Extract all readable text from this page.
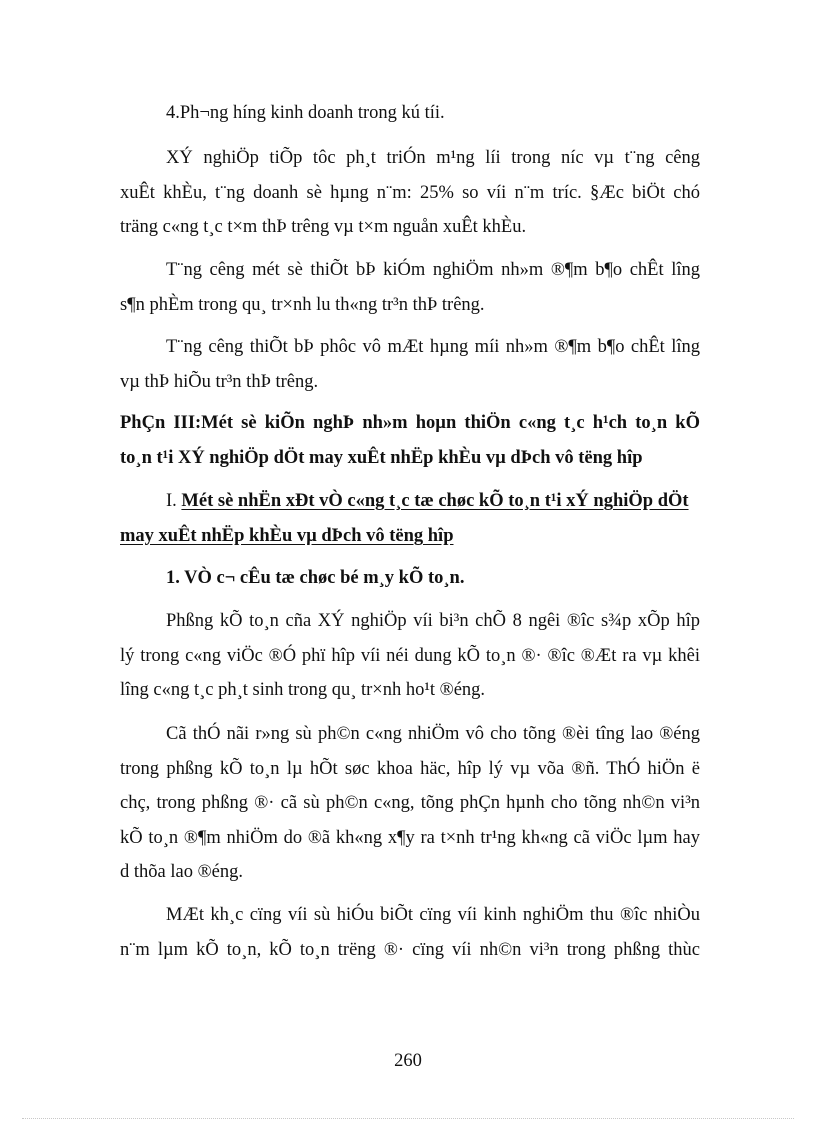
4.Ph¬ng híng kinh doanh trong kú tíi.
XÝ nghiÖp tiÕp tôc ph¸t triÓn m¹ng líi trong níc vµ t¨ng cêng
xuÊt khÈu, t¨ng doanh sè hµng n¨m: 25% so víi n¨m tríc. §Æc biÖt chó
träng c«ng t¸c t×m thÞ trêng vµ t×m nguån xuÊt khÈu.
T¨ng cêng mét sè thiÕt bÞ kiÓm nghiÖm nh»m ®¶m b¶o chÊt lîng
s¶n phÈm trong qu¸ tr×nh lu th«ng tr³n thÞ trêng.
T¨ng cêng thiÕt bÞ phôc vô mÆt hµng míi nh»m ®¶m b¶o chÊt lîng
vµ thÞ hiÕu tr³n thÞ trêng.
PhÇn III:Mét sè kiÕn nghÞ nh»m hoµn thiÖn c«ng t¸c h¹ch to¸n kÕ
to¸n t¹i XÝ nghiÖp dÖt may xuÊt nhËp khÈu vµ dÞch vô tëng hîp
I. Mét sè nhËn xÐt vÒ c«ng t¸c tæ chøc kÕ to¸n t¹i xÝ nghiÖp dÖt
may xuÊt nhËp khÈu vµ dÞch vô tëng hîp
1. VÒ c¬ cÊu tæ chøc bé m¸y kÕ to¸n.
Phßng kÕ to¸n cña XÝ nghiÖp víi bi³n chÕ 8 ngêi ®îc s¾p xÕp hîp
lý trong c«ng viÖc ®Ó phï hîp víi néi dung kÕ to¸n ®· ®îc ®Æt ra vµ khêi
lîng c«ng t¸c ph¸t sinh trong qu¸ tr×nh ho¹t ®éng.
Cã thÓ nãi r»ng sù ph©n c«ng nhiÖm vô cho tõng ®èi tîng lao ®éng
trong phßng kÕ to¸n lµ hÕt søc khoa häc, hîp lý vµ võa ®ñ. ThÓ hiÖn ë
chç, trong phßng ®· cã sù ph©n c«ng, tõng phÇn hµnh cho tõng nh©n vi³n
kÕ to¸n ®¶m nhiÖm do ®ã kh«ng x¶y ra t×nh tr¹ng kh«ng cã viÖc lµm hay
d thõa lao ®éng.
MÆt kh¸c cïng víi sù hiÓu biÕt cïng víi kinh nghiÖm thu ®îc nhiÒu
n¨m lµm kÕ to¸n, kÕ to¸n trëng ®· cïng víi nh©n vi³n trong phßng thùc
260
